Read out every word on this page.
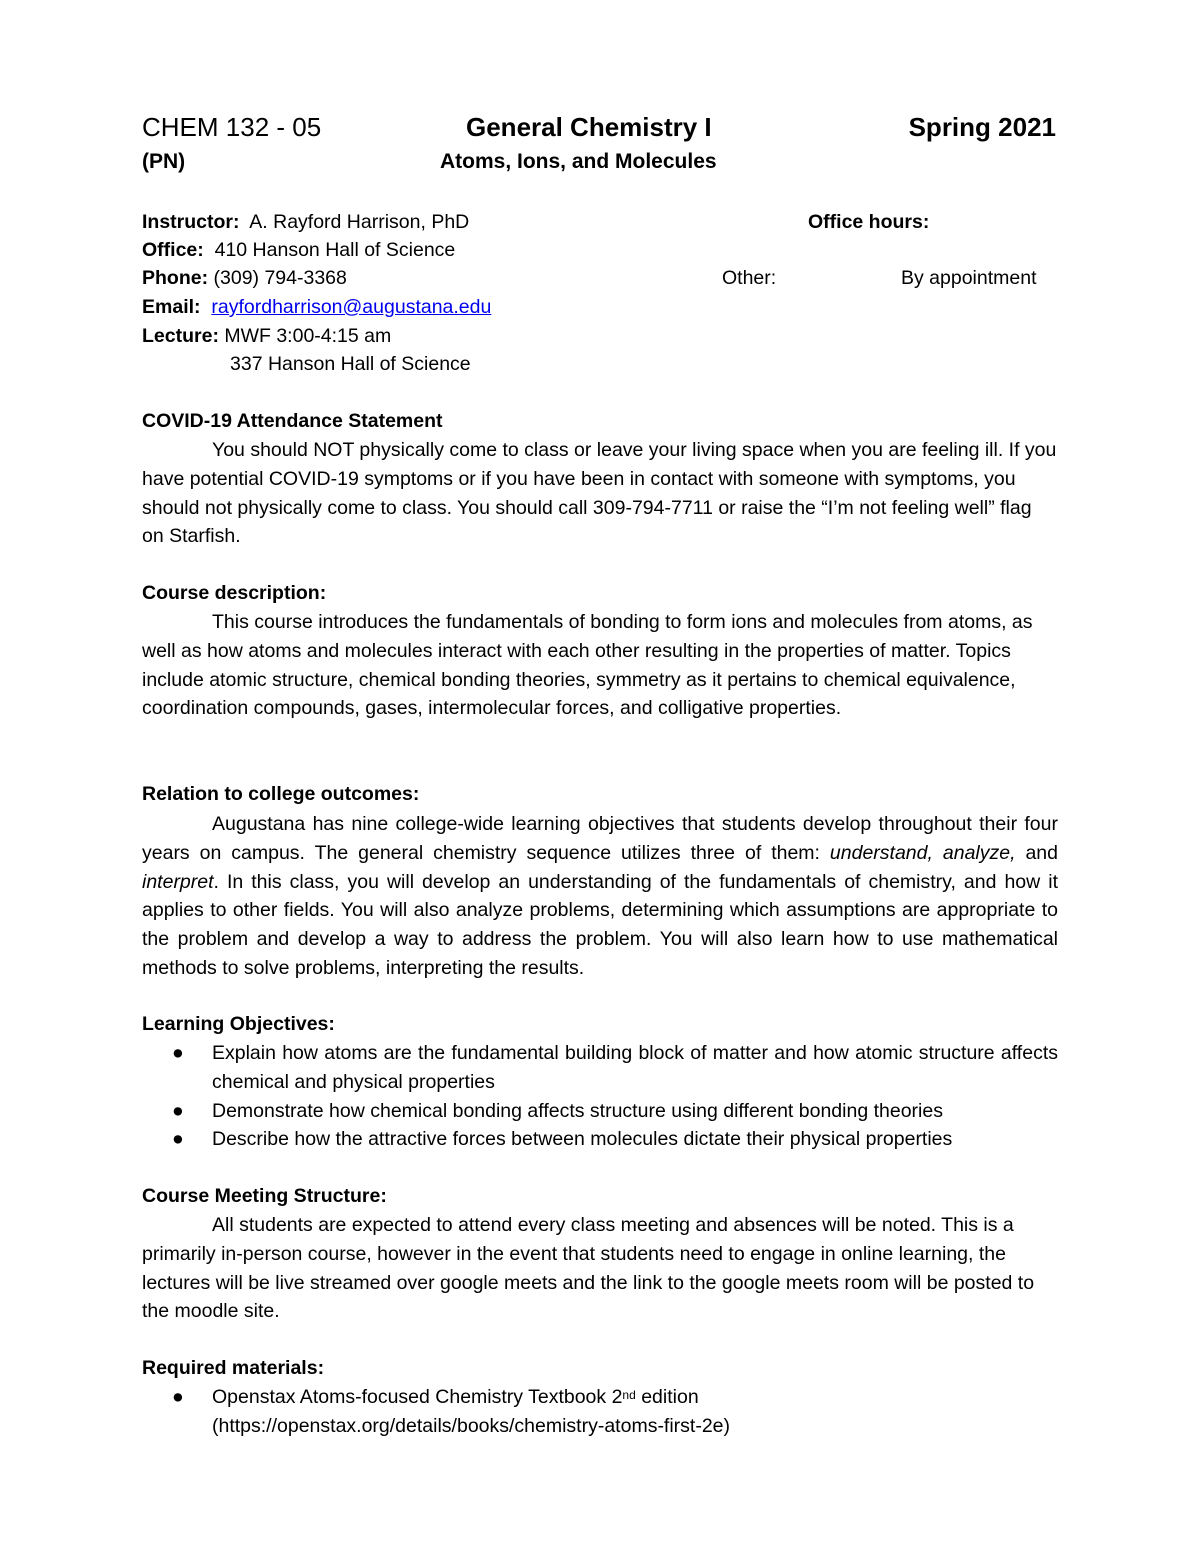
CHEM 132 - 05	General Chemistry I	Spring 2021
(PN)	Atoms, Ions, and Molecules
Instructor: A. Rayford Harrison, PhD	Office hours:
Office: 410 Hanson Hall of Science
Phone: (309) 794-3368	Other:	By appointment
Email: rayfordharrison@augustana.edu
Lecture: MWF 3:00-4:15 am
337 Hanson Hall of Science
COVID-19 Attendance Statement
You should NOT physically come to class or leave your living space when you are feeling ill. If you have potential COVID-19 symptoms or if you have been in contact with someone with symptoms, you should not physically come to class. You should call 309-794-7711 or raise the “I’m not feeling well” flag on Starfish.
Course description:
This course introduces the fundamentals of bonding to form ions and molecules from atoms, as well as how atoms and molecules interact with each other resulting in the properties of matter. Topics include atomic structure, chemical bonding theories, symmetry as it pertains to chemical equivalence, coordination compounds, gases, intermolecular forces, and colligative properties.
Relation to college outcomes:
Augustana has nine college-wide learning objectives that students develop throughout their four years on campus. The general chemistry sequence utilizes three of them: understand, analyze, and interpret. In this class, you will develop an understanding of the fundamentals of chemistry, and how it applies to other fields. You will also analyze problems, determining which assumptions are appropriate to the problem and develop a way to address the problem. You will also learn how to use mathematical methods to solve problems, interpreting the results.
Learning Objectives:
● Explain how atoms are the fundamental building block of matter and how atomic structure affects chemical and physical properties
● Demonstrate how chemical bonding affects structure using different bonding theories
● Describe how the attractive forces between molecules dictate their physical properties
Course Meeting Structure:
All students are expected to attend every class meeting and absences will be noted. This is a primarily in-person course, however in the event that students need to engage in online learning, the lectures will be live streamed over google meets and the link to the google meets room will be posted to the moodle site.
Required materials:
● Openstax Atoms-focused Chemistry Textbook 2nd edition
(https://openstax.org/details/books/chemistry-atoms-first-2e)
